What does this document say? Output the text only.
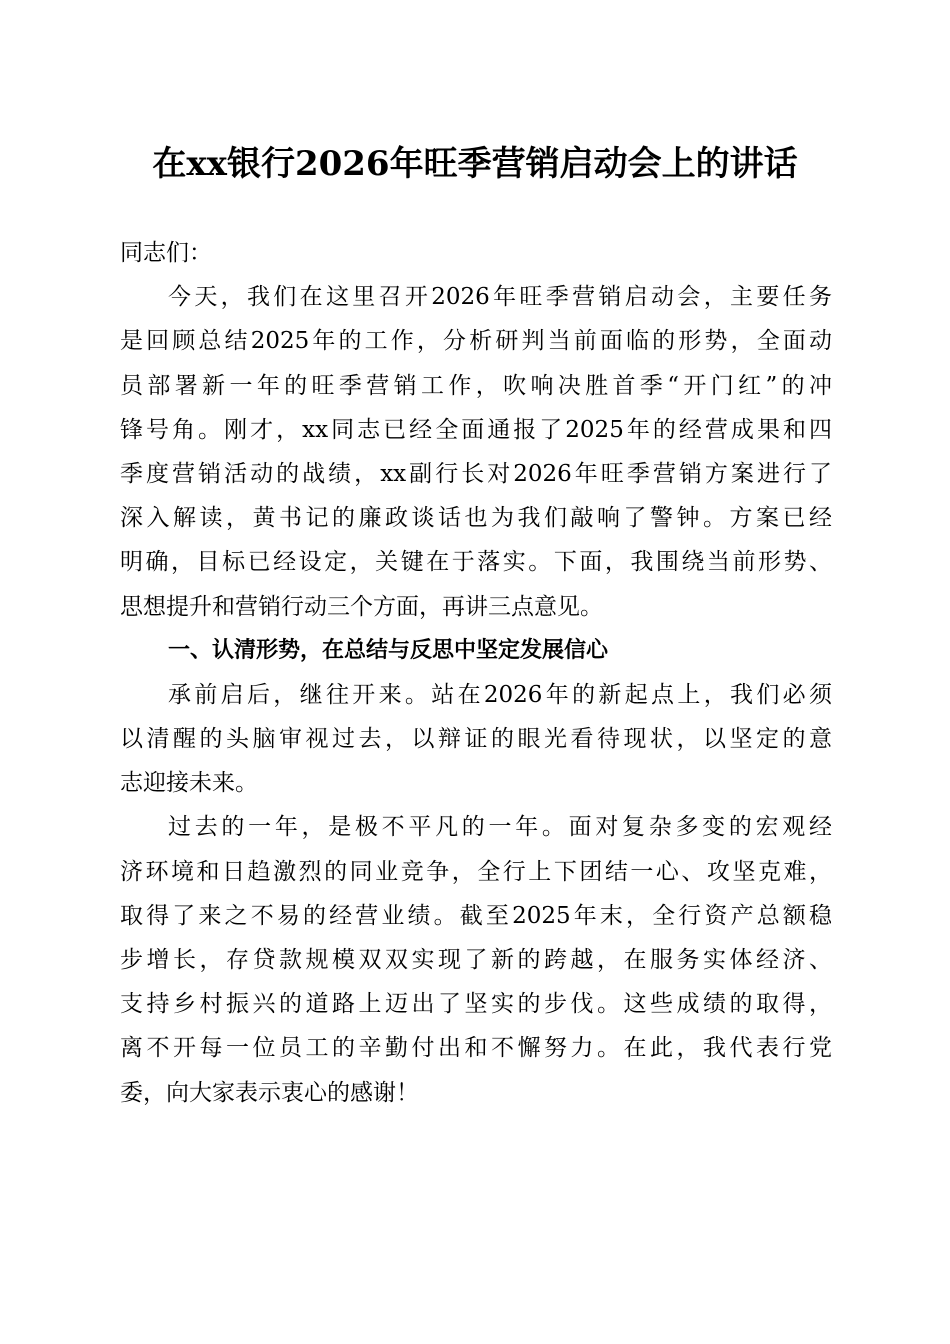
在xx银行2026年旺季营销启动会上的讲话
同志们：
今天，我们在这里召开2026年旺季营销启动会，主要任务
是回顾总结2025年的工作，分析研判当前面临的形势，全面动
员部署新一年的旺季营销工作，吹响决胜首季“开门红”的冲
锋号角。刚才，xx同志已经全面通报了2025年的经营成果和四
季度营销活动的战绩，xx副行长对2026年旺季营销方案进行了
深入解读，黄书记的廉政谈话也为我们敲响了警钟。方案已经
明确，目标已经设定，关键在于落实。下面，我围绕当前形势、
思想提升和营销行动三个方面，再讲三点意见。
一、认清形势，在总结与反思中坚定发展信心
承前启后，继往开来。站在2026年的新起点上，我们必须
以清醒的头脑审视过去，以辩证的眼光看待现状，以坚定的意
志迎接未来。
过去的一年，是极不平凡的一年。面对复杂多变的宏观经
济环境和日趋激烈的同业竞争，全行上下团结一心、攻坚克难，
取得了来之不易的经营业绩。截至2025年末，全行资产总额稳
步增长，存贷款规模双双实现了新的跨越，在服务实体经济、
支持乡村振兴的道路上迈出了坚实的步伐。这些成绩的取得，
离不开每一位员工的辛勤付出和不懈努力。在此，我代表行党
委，向大家表示衷心的感谢！
